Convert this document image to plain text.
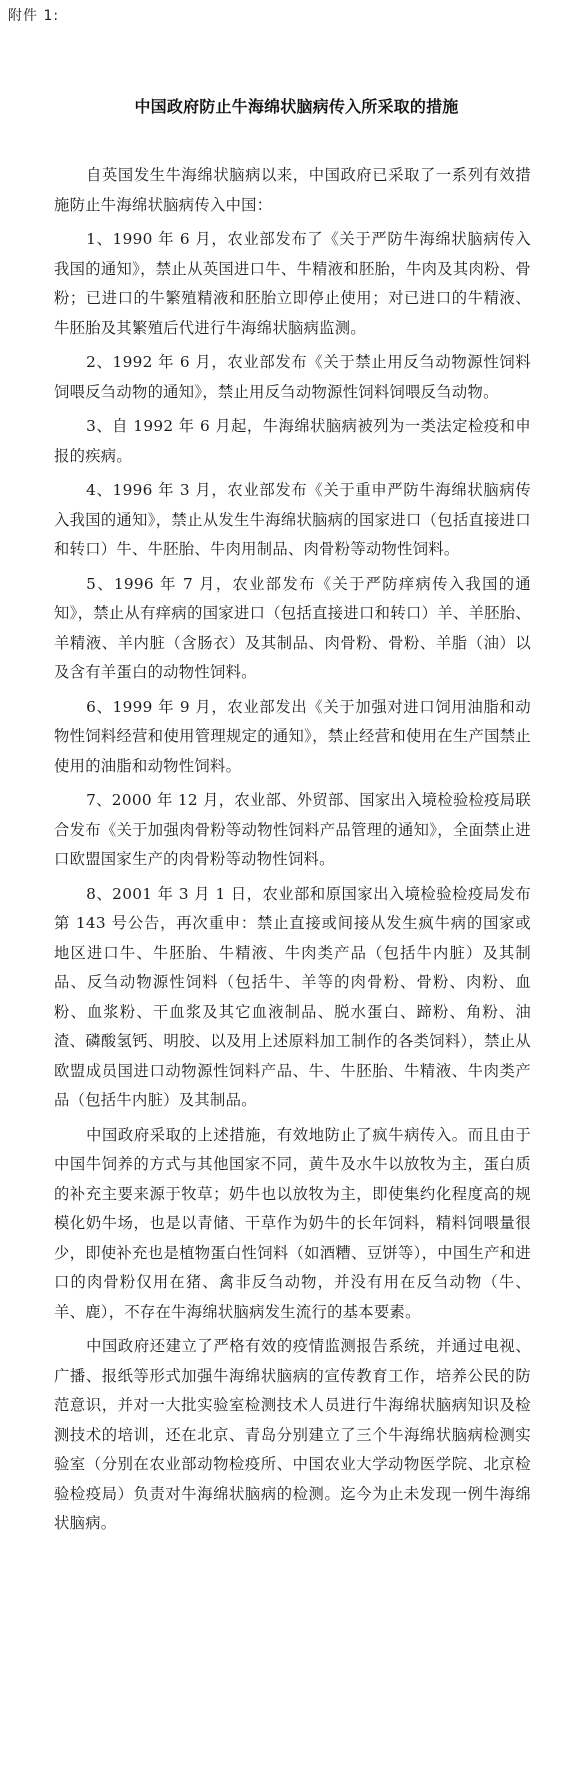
附件 1:
中国政府防止牛海绵状脑病传入所采取的措施

自英国发生牛海绵状脑病以来，中国政府已采取了一系列有效措施防止牛海绵状脑病传入中国：

1、1990 年 6 月，农业部发布了《关于严防牛海绵状脑病传入我国的通知》，禁止从英国进口牛、牛精液和胚胎，牛肉及其肉粉、骨粉；已进口的牛繁殖精液和胚胎立即停止使用；对已进口的牛精液、牛胚胎及其繁殖后代进行牛海绵状脑病监测。

2、1992 年 6 月，农业部发布《关于禁止用反刍动物源性饲料饲喂反刍动物的通知》，禁止用反刍动物源性饲料饲喂反刍动物。

3、自 1992 年 6 月起，牛海绵状脑病被列为一类法定检疫和申报的疾病。

4、1996 年 3 月，农业部发布《关于重申严防牛海绵状脑病传入我国的通知》，禁止从发生牛海绵状脑病的国家进口（包括直接进口和转口）牛、牛胚胎、牛肉用制品、肉骨粉等动物性饲料。

5、1996 年 7 月，农业部发布《关于严防痒病传入我国的通知》，禁止从有痒病的国家进口（包括直接进口和转口）羊、羊胚胎、羊精液、羊内脏（含肠衣）及其制品、肉骨粉、骨粉、羊脂（油）以及含有羊蛋白的动物性饲料。

6、1999 年 9 月，农业部发出《关于加强对进口饲用油脂和动物性饲料经营和使用管理规定的通知》，禁止经营和使用在生产国禁止使用的油脂和动物性饲料。

7、2000 年 12 月，农业部、外贸部、国家出入境检验检疫局联合发布《关于加强肉骨粉等动物性饲料产品管理的通知》，全面禁止进口欧盟国家生产的肉骨粉等动物性饲料。

8、2001 年 3 月 1 日，农业部和原国家出入境检验检疫局发布第 143 号公告，再次重申：禁止直接或间接从发生疯牛病的国家或地区进口牛、牛胚胎、牛精液、牛肉类产品（包括牛内脏）及其制品、反刍动物源性饲料（包括牛、羊等的肉骨粉、骨粉、肉粉、血粉、血浆粉、干血浆及其它血液制品、脱水蛋白、蹄粉、角粉、油渣、磷酸氢钙、明胶、以及用上述原料加工制作的各类饲料），禁止从欧盟成员国进口动物源性饲料产品、牛、牛胚胎、牛精液、牛肉类产品（包括牛内脏）及其制品。

中国政府采取的上述措施，有效地防止了疯牛病传入。而且由于中国牛饲养的方式与其他国家不同，黄牛及水牛以放牧为主，蛋白质的补充主要来源于牧草；奶牛也以放牧为主，即使集约化程度高的规模化奶牛场，也是以青储、干草作为奶牛的长年饲料，精料饲喂量很少，即使补充也是植物蛋白性饲料（如酒糟、豆饼等），中国生产和进口的肉骨粉仅用在猪、禽非反刍动物，并没有用在反刍动物（牛、羊、鹿），不存在牛海绵状脑病发生流行的基本要素。

中国政府还建立了严格有效的疫情监测报告系统，并通过电视、广播、报纸等形式加强牛海绵状脑病的宣传教育工作，培养公民的防范意识，并对一大批实验室检测技术人员进行牛海绵状脑病知识及检测技术的培训，还在北京、青岛分别建立了三个牛海绵状脑病检测实验室（分别在农业部动物检疫所、中国农业大学动物医学院、北京检验检疫局）负责对牛海绵状脑病的检测。迄今为止未发现一例牛海绵状脑病。
